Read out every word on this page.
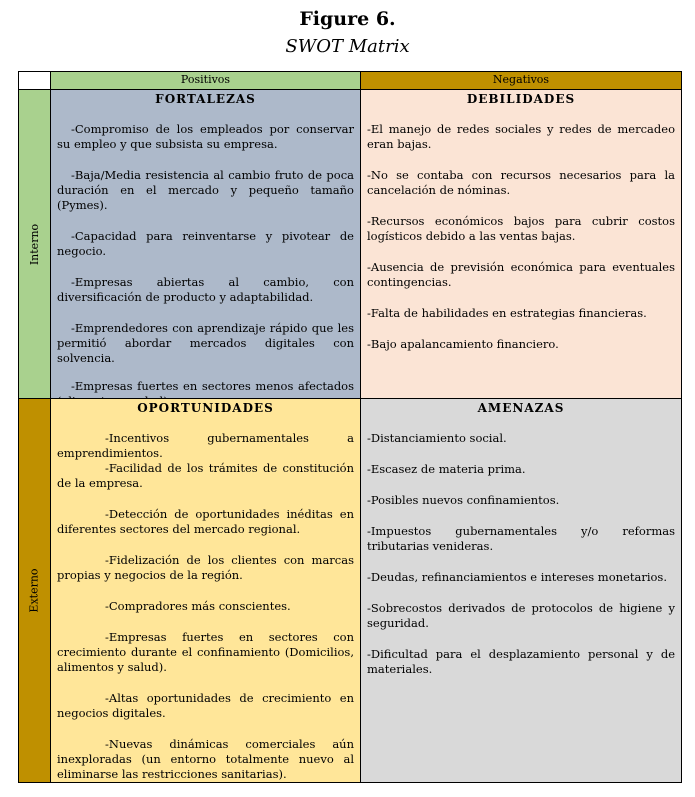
Figure 6.
SWOT Matrix
Positivos	Negativos
Interno
Externo
FORTALEZAS
-Compromiso de los empleados por conservar su empleo y que subsista su empresa.
-Baja/Media resistencia al cambio fruto de poca duración en el mercado y pequeño tamaño (Pymes).
-Capacidad para reinventarse y pivotear de negocio.
-Empresas abiertas al cambio, con diversificación de producto y adaptabilidad.
-Emprendedores con aprendizaje rápido que les permitió abordar mercados digitales con solvencia.
-Empresas fuertes en sectores menos afectados
DEBILIDADES
-El manejo de redes sociales y redes de mercadeo eran bajas.
-No se contaba con recursos necesarios para la cancelación de nóminas.
-Recursos económicos bajos para cubrir costos logísticos debido a las ventas bajas.
-Ausencia de previsión económica para eventuales contingencias.
-Falta de habilidades en estrategias financieras.
-Bajo apalancamiento financiero.
OPORTUNIDADES
-Incentivos gubernamentales a emprendimientos.
-Facilidad de los trámites de constitución de la empresa.
-Detección de oportunidades inéditas en diferentes sectores del mercado regional.
-Fidelización de los clientes con marcas propias y negocios de la región.
-Compradores más conscientes.
-Empresas fuertes en sectores con crecimiento durante el confinamiento (Domicilios, alimentos y salud).
-Altas oportunidades de crecimiento en negocios digitales.
-Nuevas dinámicas comerciales aún inexploradas (un entorno totalmente nuevo al eliminarse las restricciones sanitarias).
AMENAZAS
-Distanciamiento social.
-Escasez de materia prima.
-Posibles nuevos confinamientos.
-Impuestos gubernamentales y/o reformas tributarias venideras.
-Deudas, refinanciamientos e intereses monetarios.
-Sobrecostos derivados de protocolos de higiene y seguridad.
-Dificultad para el desplazamiento personal y de materiales.
